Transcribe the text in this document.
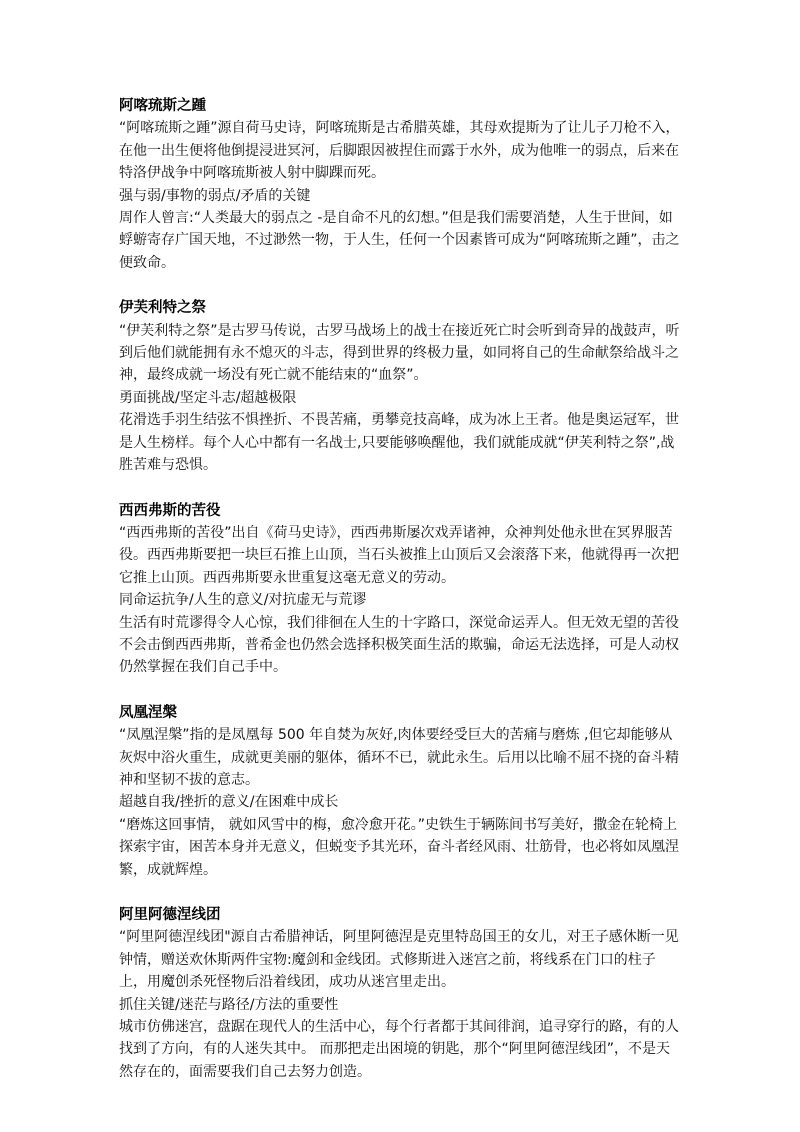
阿喀琉斯之踵

“阿喀琉斯之踵”源自荷马史诗，阿喀琉斯是古希腊英雄，其母欢提斯为了让儿子刀枪不入，在他一出生便将他倒提浸进冥河，后脚跟因被捏住而露于水外，成为他唯一的弱点，后来在特洛伊战争中阿喀琉斯被人射中脚踝而死。

强与弱/事物的弱点/矛盾的关键

周作人曾言:“人类最大的弱点之 -是自命不凡的幻想。”但是我们需要消楚，人生于世间，如蜉蝣寄存广国天地，不过渺然一物，于人生，任何一个因素皆可成为“阿喀琉斯之踵”，击之便致命。

伊芙利特之祭

“伊芙利特之祭”是古罗马传说，古罗马战场上的战士在接近死亡时会听到奇异的战鼓声，听到后他们就能拥有永不熄灭的斗志，得到世界的终极力量，如同将自己的生命献祭给战斗之神，最终成就一场没有死亡就不能结束的“血祭”。

勇面挑战/坚定斗志/超越极限

花滑选手羽生结弦不惧挫折、不畏苦痛，勇攀竞技高峰，成为冰上王者。他是奥运冠军，世是人生榜样。每个人心中都有一名战士,只要能够唤醒他，我们就能成就“伊芙利特之祭”,战胜苦难与恐惧。

西西弗斯的苦役

“西西弗斯的苦役”出自《荷马史诗》，西西弗斯屡次戏弄诸神，众神判处他永世在冥界服苦役。西西弗斯要把一块巨石推上山顶，当石头被推上山顶后又会滚落下来，他就得再一次把它推上山顶。西西弗斯要永世重复这毫无意义的劳动。

同命运抗争/人生的意义/对抗虚无与荒谬

生活有时荒谬得令人心惊，我们徘徊在人生的十字路口，深觉命运弄人。但无效无望的苦役不会击倒西西弗斯，普希金也仍然会选择积极笑面生活的欺骗，命运无法选择，可是人动权仍然掌握在我们自己手中。

凤凰涅槃

“凤凰涅槃”指的是凤凰每 500 年自焚为灰好,肉体要经受巨大的苦痛与磨炼 ,但它却能够从灰烬中浴火重生，成就更美丽的躯体，循环不已，就此永生。后用以比喻不屈不挠的奋斗精神和坚韧不拔的意志。

超越自我/挫折的意义/在困难中成长

“磨炼这回事情， 就如风雪中的梅，愈冷愈开花。”史铁生于辆陈间书写美好，撒金在轮椅上探索宇宙，困苦本身并无意义，但蜕变予其光环，奋斗者经风雨、壮筋骨，也必将如凤凰涅繁，成就辉煌。

阿里阿德涅线团

“阿里阿德涅线团"源自古希腊神话，阿里阿德涅是克里特岛国王的女儿，对王子感休断一见钟情，赠送欢休斯两件宝物:魔剑和金线团。式修斯进入迷宫之前，将线系在门口的柱子上，用魔创杀死怪物后沿着线团，成功从迷宫里走出。

抓住关键/迷茫与路径/方法的重要性

城市仿佛迷宫，盘踞在现代人的生活中心，每个行者都于其间徘润，追寻穿行的路，有的人找到了方向，有的人迷失其中。 而那把走出困境的钥匙，那个“阿里阿德涅线团”，不是天然存在的，面需要我们自己去努力创造。
